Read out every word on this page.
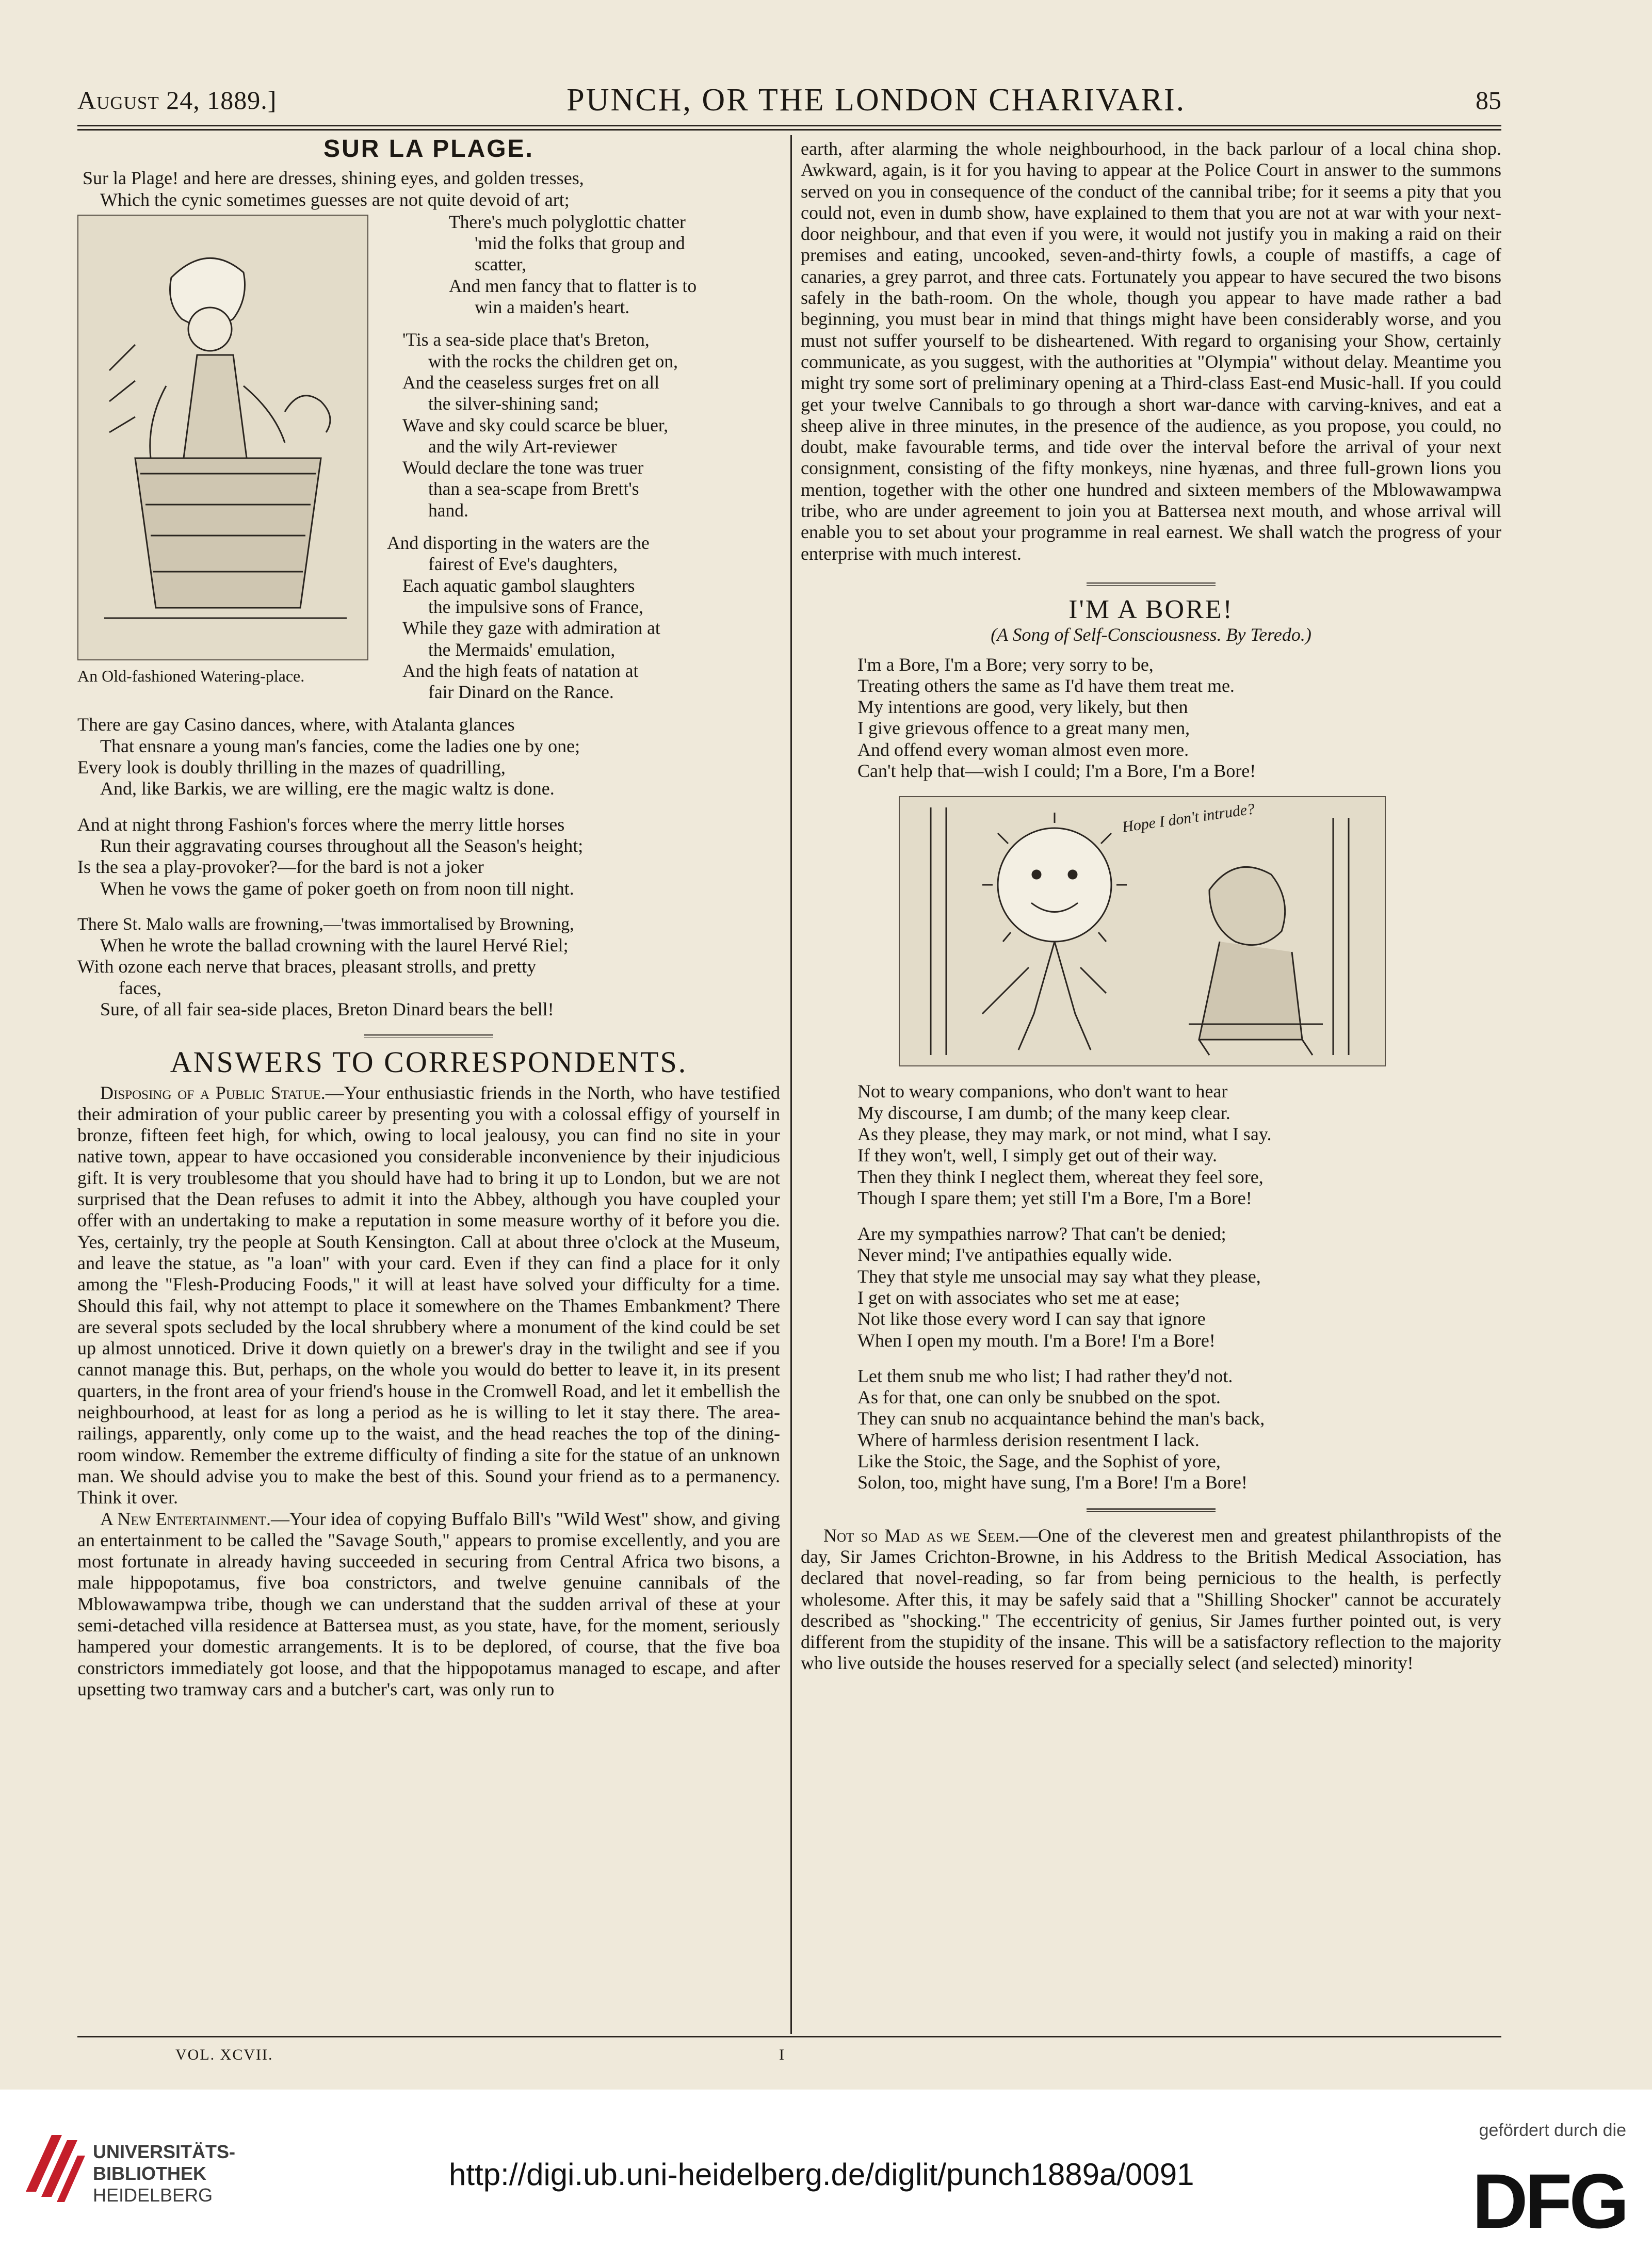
August 24, 1889.]	PUNCH, OR THE LONDON CHARIVARI.	85
SUR LA PLAGE.
Sur la Plage! and here are dresses, shining eyes, and golden tresses,
Which the cynic sometimes guesses are not quite devoid of art;
An Old-fashioned Watering-place.
There's much polyglottic chatter
'mid the folks that group and
scatter,
And men fancy that to flatter is to
win a maiden's heart.
'Tis a sea-side place that's Breton,
with the rocks the children get on,
And the ceaseless surges fret on all
the silver-shining sand;
Wave and sky could scarce be bluer,
and the wily Art-reviewer
Would declare the tone was truer
than a sea-scape from Brett's
hand.
And disporting in the waters are the
fairest of Eve's daughters,
Each aquatic gambol slaughters
the impulsive sons of France,
While they gaze with admiration at
the Mermaids' emulation,
And the high feats of natation at
fair Dinard on the Rance.
There are gay Casino dances, where, with Atalanta glances
That ensnare a young man's fancies, come the ladies one by one;
Every look is doubly thrilling in the mazes of quadrilling,
And, like Barkis, we are willing, ere the magic waltz is done.
And at night throng Fashion's forces where the merry little horses
Run their aggravating courses throughout all the Season's height;
Is the sea a play-provoker?—for the bard is not a joker
When he vows the game of poker goeth on from noon till night.
There St. Malo walls are frowning,—'twas immortalised by Browning,
When he wrote the ballad crowning with the laurel Hervé Riel;
With ozone each nerve that braces, pleasant strolls, and pretty
faces,
Sure, of all fair sea-side places, Breton Dinard bears the bell!
ANSWERS TO CORRESPONDENTS.

Disposing of a Public Statue.—Your enthusiastic friends in the North, who have testified their admiration of your public career by presenting you with a colossal effigy of yourself in bronze, fifteen feet high, for which, owing to local jealousy, you can find no site in your native town, appear to have occasioned you considerable inconvenience by their injudicious gift. It is very troublesome that you should have had to bring it up to London, but we are not surprised that the Dean refuses to admit it into the Abbey, although you have coupled your offer with an undertaking to make a reputation in some measure worthy of it before you die. Yes, certainly, try the people at South Kensington. Call at about three o'clock at the Museum, and leave the statue, as "a loan" with your card. Even if they can find a place for it only among the "Flesh-Producing Foods," it will at least have solved your difficulty for a time. Should this fail, why not attempt to place it somewhere on the Thames Embankment? There are several spots secluded by the local shrubbery where a monument of the kind could be set up almost unnoticed. Drive it down quietly on a brewer's dray in the twilight and see if you cannot manage this. But, perhaps, on the whole you would do better to leave it, in its present quarters, in the front area of your friend's house in the Cromwell Road, and let it embellish the neighbourhood, at least for as long a period as he is willing to let it stay there. The area-railings, apparently, only come up to the waist, and the head reaches the top of the dining-room window. Remember the extreme difficulty of finding a site for the statue of an unknown man. We should advise you to make the best of this. Sound your friend as to a permanency. Think it over.

A New Entertainment.—Your idea of copying Buffalo Bill's "Wild West" show, and giving an entertainment to be called the "Savage South," appears to promise excellently, and you are most fortunate in already having succeeded in securing from Central Africa two bisons, a male hippopotamus, five boa constrictors, and twelve genuine cannibals of the Mblowawampwa tribe, though we can understand that the sudden arrival of these at your semi-detached villa residence at Battersea must, as you state, have, for the moment, seriously hampered your domestic arrangements. It is to be deplored, of course, that the five boa constrictors immediately got loose, and that the hippopotamus managed to escape, and after upsetting two tramway cars and a butcher's cart, was only run to

earth, after alarming the whole neighbourhood, in the back parlour of a local china shop. Awkward, again, is it for you having to appear at the Police Court in answer to the summons served on you in consequence of the conduct of the cannibal tribe; for it seems a pity that you could not, even in dumb show, have explained to them that you are not at war with your next-door neighbour, and that even if you were, it would not justify you in making a raid on their premises and eating, uncooked, seven-and-thirty fowls, a couple of mastiffs, a cage of canaries, a grey parrot, and three cats. Fortunately you appear to have secured the two bisons safely in the bath-room. On the whole, though you appear to have made rather a bad beginning, you must bear in mind that things might have been considerably worse, and you must not suffer yourself to be disheartened. With regard to organising your Show, certainly communicate, as you suggest, with the authorities at "Olympia" without delay. Meantime you might try some sort of preliminary opening at a Third-class East-end Music-hall. If you could get your twelve Cannibals to go through a short war-dance with carving-knives, and eat a sheep alive in three minutes, in the presence of the audience, as you propose, you could, no doubt, make favourable terms, and tide over the interval before the arrival of your next consignment, consisting of the fifty monkeys, nine hyænas, and three full-grown lions you mention, together with the other one hundred and sixteen members of the Mblowawampwa tribe, who are under agreement to join you at Battersea next mouth, and whose arrival will enable you to set about your programme in real earnest. We shall watch the progress of your enterprise with much interest.

I'M A BORE!
(A Song of Self-Consciousness. By Teredo.)
I'm a Bore, I'm a Bore; very sorry to be,
Treating others the same as I'd have them treat me.
My intentions are good, very likely, but then
I give grievous offence to a great many men,
And offend every woman almost even more.
Can't help that—wish I could; I'm a Bore, I'm a Bore!
Hope I don't intrude?
Not to weary companions, who don't want to hear
My discourse, I am dumb; of the many keep clear.
As they please, they may mark, or not mind, what I say.
If they won't, well, I simply get out of their way.
Then they think I neglect them, whereat they feel sore,
Though I spare them; yet still I'm a Bore, I'm a Bore!
Are my sympathies narrow? That can't be denied;
Never mind; I've antipathies equally wide.
They that style me unsocial may say what they please,
I get on with associates who set me at ease;
Not like those every word I can say that ignore
When I open my mouth. I'm a Bore! I'm a Bore!
Let them snub me who list; I had rather they'd not.
As for that, one can only be snubbed on the spot.
They can snub no acquaintance behind the man's back,
Where of harmless derision resentment I lack.
Like the Stoic, the Sage, and the Sophist of yore,
Solon, too, might have sung, I'm a Bore! I'm a Bore!

Not so Mad as we Seem.—One of the cleverest men and greatest philanthropists of the day, Sir James Crichton-Browne, in his Address to the British Medical Association, has declared that novel-reading, so far from being pernicious to the health, is perfectly wholesome. After this, it may be safely said that a "Shilling Shocker" cannot be accurately described as "shocking." The eccentricity of genius, Sir James further pointed out, is very different from the stupidity of the insane. This will be a satisfactory reflection to the majority who live outside the houses reserved for a specially select (and selected) minority!

VOL. XCVII.	I
UNIVERSITÄTS-
BIBLIOTHEK
HEIDELBERG
http://digi.ub.uni-heidelberg.de/diglit/punch1889a/0091
gefördert durch die
DFG
